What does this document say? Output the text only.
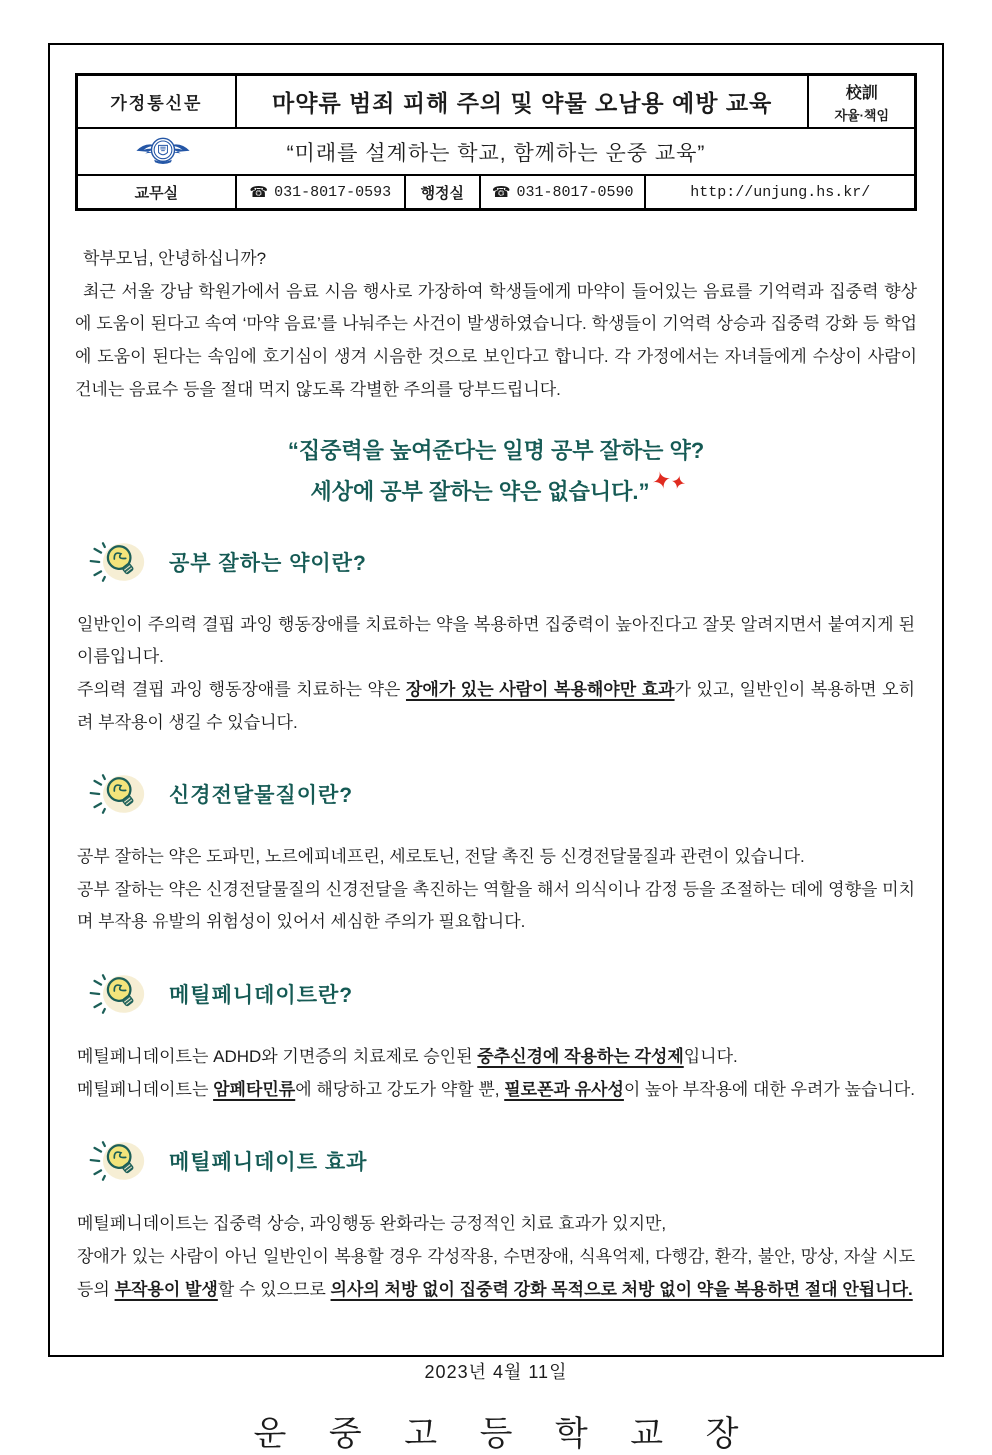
가정통신문	마약류 범죄 피해 주의 및 약물 오남용 예방 교육	校訓
자율·책임
“미래를 설계하는 학교, 함께하는 운중 교육”
교무실	☎ 031-8017-0593	행정실	☎ 031-8017-0590	http://unjung.hs.kr/
학부모님, 안녕하십니까?
최근 서울 강남 학원가에서 음료 시음 행사로 가장하여 학생들에게 마약이 들어있는 음료를 기억력과 집중력 향상에 도움이 된다고 속여 ‘마약 음료’를 나눠주는 사건이 발생하였습니다. 학생들이 기억력 상승과 집중력 강화 등 학업에 도움이 된다는 속임에 호기심이 생겨 시음한 것으로 보인다고 합니다. 각 가정에서는 자녀들에게 수상이 사람이 건네는 음료수 등을 절대 먹지 않도록 각별한 주의를 당부드립니다.
“집중력을 높여준다는 일명 공부 잘하는 약?
세상에 공부 잘하는 약은 없습니다.”✦✦
공부 잘하는 약이란?
일반인이 주의력 결핍 과잉 행동장애를 치료하는 약을 복용하면 집중력이 높아진다고 잘못 알려지면서 붙여지게 된 이름입니다.
주의력 결핍 과잉 행동장애를 치료하는 약은 장애가 있는 사람이 복용해야만 효과가 있고, 일반인이 복용하면 오히려 부작용이 생길 수 있습니다.
신경전달물질이란?
공부 잘하는 약은 도파민, 노르에피네프린, 세로토닌, 전달 촉진 등 신경전달물질과 관련이 있습니다.
공부 잘하는 약은 신경전달물질의 신경전달을 촉진하는 역할을 해서 의식이나 감정 등을 조절하는 데에 영향을 미치며 부작용 유발의 위험성이 있어서 세심한 주의가 필요합니다.
메틸페니데이트란?
메틸페니데이트는 ADHD와 기면증의 치료제로 승인된 중추신경에 작용하는 각성제입니다.
메틸페니데이트는 암페타민류에 해당하고 강도가 약할 뿐, 필로폰과 유사성이 높아 부작용에 대한 우려가 높습니다.
메틸페니데이트 효과
메틸페니데이트는 집중력 상승, 과잉행동 완화라는 긍정적인 치료 효과가 있지만,
장애가 있는 사람이 아닌 일반인이 복용할 경우 각성작용, 수면장애, 식욕억제, 다행감, 환각, 불안, 망상, 자살 시도 등의 부작용이 발생할 수 있으므로 의사의 처방 없이 집중력 강화 목적으로 처방 없이 약을 복용하면 절대 안됩니다.
2023년 4월 11일
운중고등학교장
